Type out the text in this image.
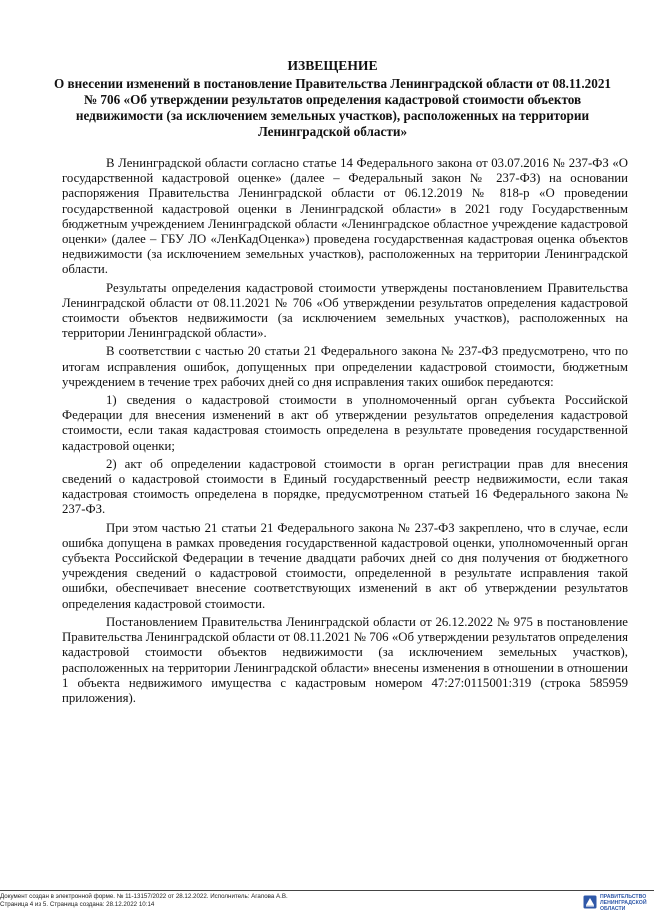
ИЗВЕЩЕНИЕ
О внесении изменений в постановление Правительства Ленинградской области от 08.11.2021 № 706 «Об утверждении результатов определения кадастровой стоимости объектов недвижимости (за исключением земельных участков), расположенных на территории Ленинградской области»

В Ленинградской области согласно статье 14 Федерального закона от 03.07.2016 № 237-ФЗ «О государственной кадастровой оценке» (далее – Федеральный закон № 237-ФЗ) на основании распоряжения Правительства Ленинградской области от 06.12.2019 № 818-р «О проведении государственной кадастровой оценки в Ленинградской области» в 2021 году Государственным бюджетным учреждением Ленинградской области «Ленинградское областное учреждение кадастровой оценки» (далее – ГБУ ЛО «ЛенКадОценка») проведена государственная кадастровая оценка объектов недвижимости (за исключением земельных участков), расположенных на территории Ленинградской области.

Результаты определения кадастровой стоимости утверждены постановлением Правительства Ленинградской области от 08.11.2021 № 706 «Об утверждении результатов определения кадастровой стоимости объектов недвижимости (за исключением земельных участков), расположенных на территории Ленинградской области».

В соответствии с частью 20 статьи 21 Федерального закона № 237-ФЗ предусмотрено, что по итогам исправления ошибок, допущенных при определении кадастровой стоимости, бюджетным учреждением в течение трех рабочих дней со дня исправления таких ошибок передаются:

1) сведения о кадастровой стоимости в уполномоченный орган субъекта Российской Федерации для внесения изменений в акт об утверждении результатов определения кадастровой стоимости, если такая кадастровая стоимость определена в результате проведения государственной кадастровой оценки;

2) акт об определении кадастровой стоимости в орган регистрации прав для внесения сведений о кадастровой стоимости в Единый государственный реестр недвижимости, если такая кадастровая стоимость определена в порядке, предусмотренном статьей 16 Федерального закона № 237-ФЗ.

При этом частью 21 статьи 21 Федерального закона № 237-ФЗ закреплено, что в случае, если ошибка допущена в рамках проведения государственной кадастровой оценки, уполномоченный орган субъекта Российской Федерации в течение двадцати рабочих дней со дня получения от бюджетного учреждения сведений о кадастровой стоимости, определенной в результате исправления такой ошибки, обеспечивает внесение соответствующих изменений в акт об утверждении результатов определения кадастровой стоимости.

Постановлением Правительства Ленинградской области от 26.12.2022 № 975 в постановление Правительства Ленинградской области от 08.11.2021 № 706 «Об утверждении результатов определения кадастровой стоимости объектов недвижимости (за исключением земельных участков), расположенных на территории Ленинградской области» внесены изменения в отношении в отношении 1 объекта недвижимого имущества с кадастровым номером 47:27:0115001:319 (строка 585959 приложения).

Документ создан в электронной форме. № 11-13157/2022 от 28.12.2022. Исполнитель: Агапова А.В.
Страница 4 из 5. Страница создана: 28.12.2022 10:14
ПРАВИТЕЛЬСТВО
ЛЕНИНГРАДСКОЙ
ОБЛАСТИ
